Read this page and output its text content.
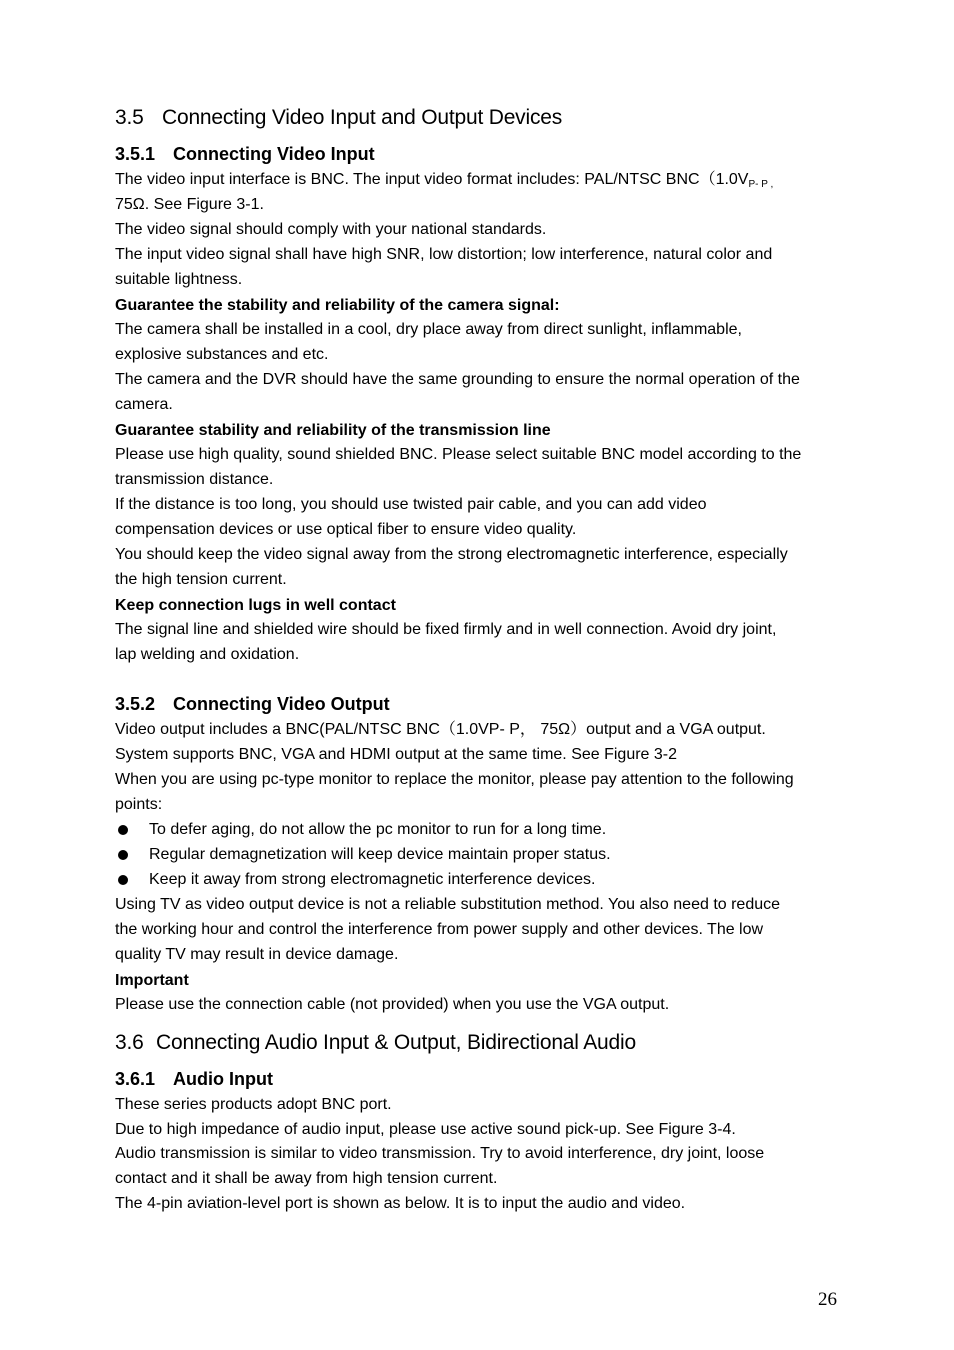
3.5 Connecting Video Input and Output Devices
3.5.1 Connecting Video Input
The video input interface is BNC. The input video format includes: PAL/NTSC $BNC(1.0V_{P- P ,}$
75Ω. See Figure 3-1.
The video signal should comply with your national standards.
The input video signal shall have high SNR, low distortion; low interference, natural color and
suitable lightness.
Guarantee the stability and reliability of the camera signal:
The camera shall be installed in a cool, dry place away from direct sunlight, inflammable,
explosive substances and etc.
The camera and the DVR should have the same grounding to ensure the normal operation of the
camera.
Guarantee stability and reliability of the transmission line
Please use high quality, sound shielded BNC. Please select suitable BNC model according to the
transmission distance.
If the distance is too long, you should use twisted pair cable, and you can add video
compensation devices or use optical fiber to ensure video quality.
You should keep the video signal away from the strong electromagnetic interference, especially
the high tension current.
Keep connection lugs in well contact
The signal line and shielded wire should be fixed firmly and in well connection. Avoid dry joint,
lap welding and oxidation.
3.5.2 Connecting Video Output
Video output includes a BNC(PAL/NTSC BNC（1.0VP- P， 75Ω）output and a VGA output.
System supports BNC, VGA and HDMI output at the same time. See Figure 3-2
When you are using pc-type monitor to replace the monitor, please pay attention to the following
points:
To defer aging, do not allow the pc monitor to run for a long time.
Regular demagnetization will keep device maintain proper status.
Keep it away from strong electromagnetic interference devices.
Using TV as video output device is not a reliable substitution method. You also need to reduce
the working hour and control the interference from power supply and other devices. The low
quality TV may result in device damage.
Important
Please use the connection cable (not provided) when you use the VGA output.
3.6 Connecting Audio Input & Output, Bidirectional Audio
3.6.1 Audio Input
These series products adopt BNC port.
Due to high impedance of audio input, please use active sound pick-up. See Figure 3-4.
Audio transmission is similar to video transmission. Try to avoid interference, dry joint, loose
contact and it shall be away from high tension current.
The 4-pin aviation-level port is shown as below. It is to input the audio and video.
26
